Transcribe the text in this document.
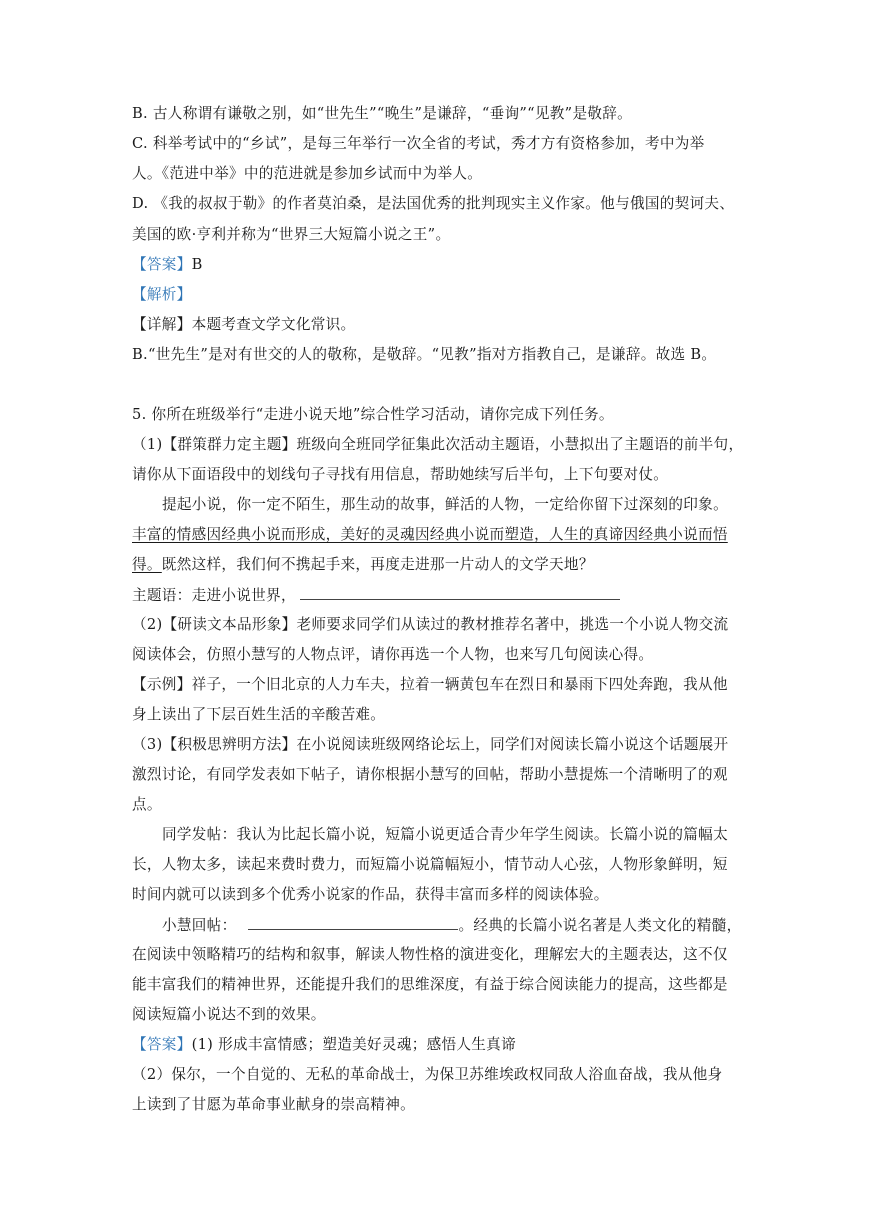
B. 古人称谓有谦敬之别，如“世先生”“晚生”是谦辞，“垂询”“见教”是敬辞。
C. 科举考试中的“乡试”，是每三年举行一次全省的考试，秀才方有资格参加，考中为举
人。《范进中举》中的范进就是参加乡试而中为举人。
D. 《我的叔叔于勒》的作者莫泊桑，是法国优秀的批判现实主义作家。他与俄国的契诃夫、
美国的欧·亨利并称为“世界三大短篇小说之王”。
【答案】B
【解析】
【详解】本题考查文学文化常识。
B.“世先生”是对有世交的人的敬称，是敬辞。“见教”指对方指教自己，是谦辞。故选 B。
5. 你所在班级举行“走进小说天地”综合性学习活动，请你完成下列任务。
（1)【群策群力定主题】班级向全班同学征集此次活动主题语，小慧拟出了主题语的前半句，
请你从下面语段中的划线句子寻找有用信息，帮助她续写后半句，上下句要对仗。
提起小说，你一定不陌生，那生动的故事，鲜活的人物，一定给你留下过深刻的印象。
丰富的情感因经典小说而形成，美好的灵魂因经典小说而塑造，人生的真谛因经典小说而悟
得。既然这样，我们何不携起手来，再度走进那一片动人的文学天地？
主题语：走进小说世界，
（2)【研读文本品形象】老师要求同学们从读过的教材推荐名著中，挑选一个小说人物交流
阅读体会，仿照小慧写的人物点评，请你再选一个人物，也来写几句阅读心得。
【示例】祥子，一个旧北京的人力车夫，拉着一辆黄包车在烈日和暴雨下四处奔跑，我从他
身上读出了下层百姓生活的辛酸苦难。
（3)【积极思辨明方法】在小说阅读班级网络论坛上，同学们对阅读长篇小说这个话题展开
激烈讨论，有同学发表如下帖子，请你根据小慧写的回帖，帮助小慧提炼一个清晰明了的观
点。
同学发帖：我认为比起长篇小说，短篇小说更适合青少年学生阅读。长篇小说的篇幅太
长，人物太多，读起来费时费力，而短篇小说篇幅短小，情节动人心弦，人物形象鲜明，短
时间内就可以读到多个优秀小说家的作品，获得丰富而多样的阅读体验。
小慧回帖：	。经典的长篇小说名著是人类文化的精髓，
在阅读中领略精巧的结构和叙事，解读人物性格的演进变化，理解宏大的主题表达，这不仅
能丰富我们的精神世界，还能提升我们的思维深度，有益于综合阅读能力的提高，这些都是
阅读短篇小说达不到的效果。
【答案】(1) 形成丰富情感；塑造美好灵魂；感悟人生真谛
（2）保尔，一个自觉的、无私的革命战士，为保卫苏维埃政权同敌人浴血奋战，我从他身
上读到了甘愿为革命事业献身的崇高精神。
